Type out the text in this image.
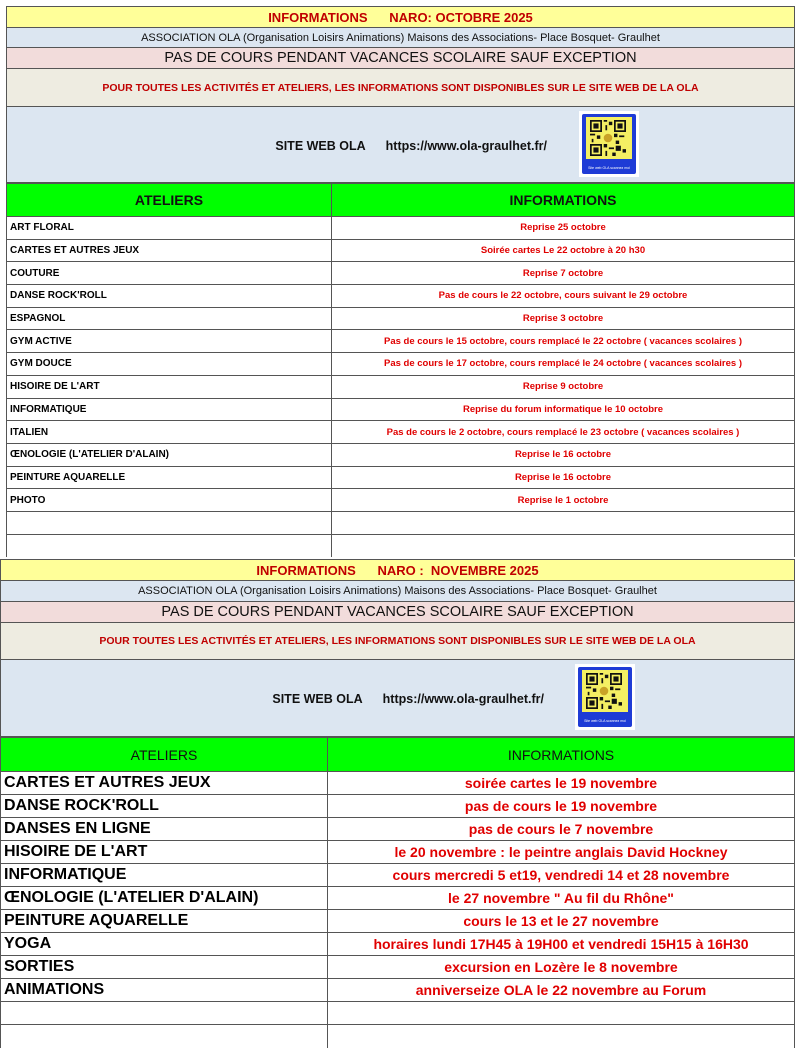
INFORMATIONS      NARO: OCTOBRE 2025
ASSOCIATION OLA (Organisation Loisirs Animations) Maisons des Associations- Place Bosquet- Graulhet
PAS DE COURS PENDANT VACANCES SCOLAIRE SAUF EXCEPTION
POUR TOUTES LES ACTIVITÉS ET ATELIERS, LES INFORMATIONS SONT DISPONIBLES SUR LE SITE WEB DE LA OLA
SITE WEB OLA https://www.ola-graulhet.fr/
Site web OLA scannez moi
ATELIERS	INFORMATIONS
ART FLORAL	Reprise 25 octobre
CARTES ET AUTRES JEUX	Soirée cartes Le 22 octobre à 20 h30
COUTURE	Reprise 7 octobre
DANSE ROCK'ROLL	Pas de cours le 22 octobre, cours suivant le 29 octobre
ESPAGNOL	Reprise 3 octobre
GYM ACTIVE	Pas de cours le 15 octobre, cours remplacé le 22 octobre ( vacances scolaires )
GYM DOUCE	Pas de cours le 17 octobre, cours remplacé le 24 octobre ( vacances scolaires )
HISOIRE DE L'ART	Reprise 9 octobre
INFORMATIQUE	Reprise du forum informatique le 10 octobre
ITALIEN	Pas de cours le 2 octobre, cours remplacé le 23 octobre ( vacances scolaires )
ŒNOLOGIE (L'ATELIER D'ALAIN)	Reprise le 16 octobre
PEINTURE AQUARELLE	Reprise le 16 octobre
PHOTO	Reprise le 1 octobre

INFORMATIONS      NARO :  NOVEMBRE 2025
ASSOCIATION OLA (Organisation Loisirs Animations) Maisons des Associations- Place Bosquet- Graulhet
PAS DE COURS PENDANT VACANCES SCOLAIRE SAUF EXCEPTION
POUR TOUTES LES ACTIVITÉS ET ATELIERS, LES INFORMATIONS SONT DISPONIBLES SUR LE SITE WEB DE LA OLA
SITE WEB OLA https://www.ola-graulhet.fr/
Site web OLA scannez moi
ATELIERS	INFORMATIONS
CARTES ET AUTRES JEUX	soirée cartes le 19 novembre
DANSE ROCK'ROLL	pas de cours le 19 novembre
DANSES EN LIGNE	pas de cours le 7 novembre
HISOIRE DE L'ART	le 20 novembre : le peintre anglais David Hockney
INFORMATIQUE	cours mercredi 5 et19, vendredi 14 et 28 novembre
ŒNOLOGIE (L'ATELIER D'ALAIN)	le 27 novembre " Au fil du Rhône"
PEINTURE AQUARELLE	cours le 13 et le 27 novembre
YOGA	horaires lundi 17H45 à 19H00 et vendredi 15H15 à 16H30
SORTIES	excursion en Lozère le 8 novembre
ANIMATIONS	anniverseize OLA le 22 novembre au Forum
